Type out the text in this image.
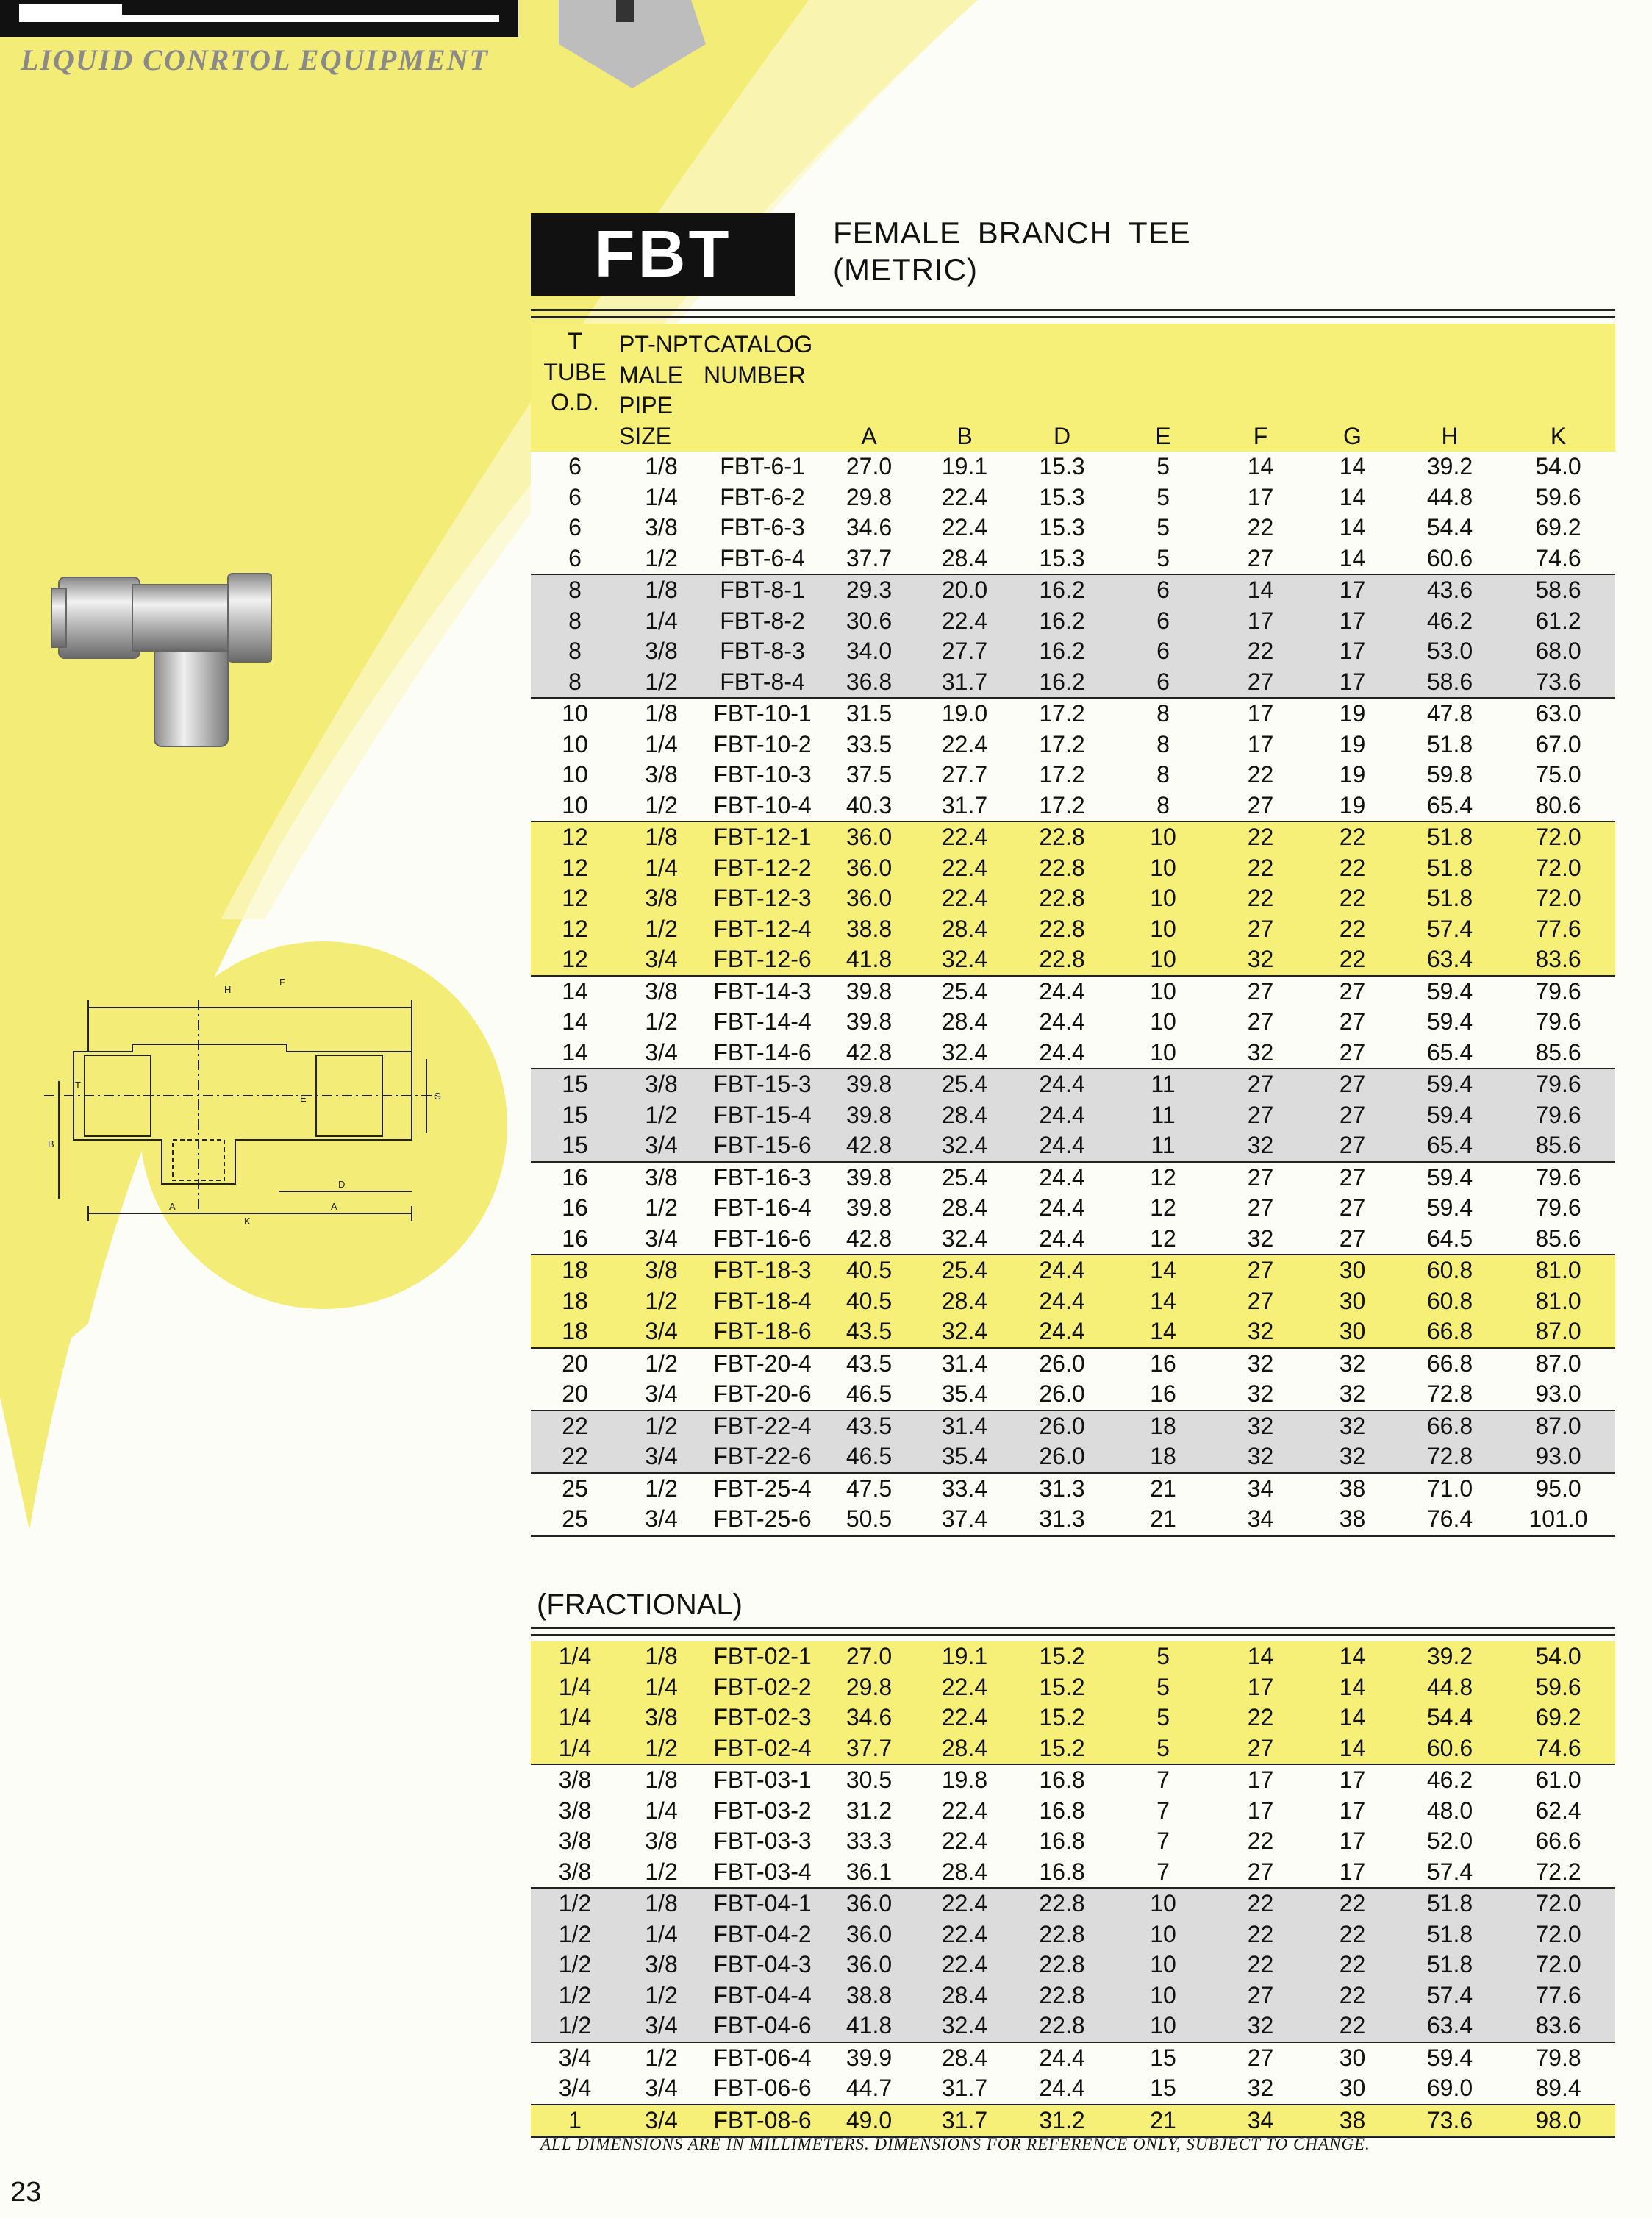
LIQUID CONRTOL EQUIPMENT
H
F
T
E	G
B
D
A
K
A
FBT	FEMALE BRANCH TEE
(METRIC)
T
TUBE
O.D.	PT-NPT
MALE
PIPE
SIZE	CATALOG
NUMBER	A	B	D	E	F	G	H	K
6	1/8	FBT-6-1	27.0	19.1	15.3	5	14	14	39.2	54.0
6	1/4	FBT-6-2	29.8	22.4	15.3	5	17	14	44.8	59.6
6	3/8	FBT-6-3	34.6	22.4	15.3	5	22	14	54.4	69.2
6	1/2	FBT-6-4	37.7	28.4	15.3	5	27	14	60.6	74.6
8	1/8	FBT-8-1	29.3	20.0	16.2	6	14	17	43.6	58.6
8	1/4	FBT-8-2	30.6	22.4	16.2	6	17	17	46.2	61.2
8	3/8	FBT-8-3	34.0	27.7	16.2	6	22	17	53.0	68.0
8	1/2	FBT-8-4	36.8	31.7	16.2	6	27	17	58.6	73.6
10	1/8	FBT-10-1	31.5	19.0	17.2	8	17	19	47.8	63.0
10	1/4	FBT-10-2	33.5	22.4	17.2	8	17	19	51.8	67.0
10	3/8	FBT-10-3	37.5	27.7	17.2	8	22	19	59.8	75.0
10	1/2	FBT-10-4	40.3	31.7	17.2	8	27	19	65.4	80.6
12	1/8	FBT-12-1	36.0	22.4	22.8	10	22	22	51.8	72.0
12	1/4	FBT-12-2	36.0	22.4	22.8	10	22	22	51.8	72.0
12	3/8	FBT-12-3	36.0	22.4	22.8	10	22	22	51.8	72.0
12	1/2	FBT-12-4	38.8	28.4	22.8	10	27	22	57.4	77.6
12	3/4	FBT-12-6	41.8	32.4	22.8	10	32	22	63.4	83.6
14	3/8	FBT-14-3	39.8	25.4	24.4	10	27	27	59.4	79.6
14	1/2	FBT-14-4	39.8	28.4	24.4	10	27	27	59.4	79.6
14	3/4	FBT-14-6	42.8	32.4	24.4	10	32	27	65.4	85.6
15	3/8	FBT-15-3	39.8	25.4	24.4	11	27	27	59.4	79.6
15	1/2	FBT-15-4	39.8	28.4	24.4	11	27	27	59.4	79.6
15	3/4	FBT-15-6	42.8	32.4	24.4	11	32	27	65.4	85.6
16	3/8	FBT-16-3	39.8	25.4	24.4	12	27	27	59.4	79.6
16	1/2	FBT-16-4	39.8	28.4	24.4	12	27	27	59.4	79.6
16	3/4	FBT-16-6	42.8	32.4	24.4	12	32	27	64.5	85.6
18	3/8	FBT-18-3	40.5	25.4	24.4	14	27	30	60.8	81.0
18	1/2	FBT-18-4	40.5	28.4	24.4	14	27	30	60.8	81.0
18	3/4	FBT-18-6	43.5	32.4	24.4	14	32	30	66.8	87.0
20	1/2	FBT-20-4	43.5	31.4	26.0	16	32	32	66.8	87.0
20	3/4	FBT-20-6	46.5	35.4	26.0	16	32	32	72.8	93.0
22	1/2	FBT-22-4	43.5	31.4	26.0	18	32	32	66.8	87.0
22	3/4	FBT-22-6	46.5	35.4	26.0	18	32	32	72.8	93.0
25	1/2	FBT-25-4	47.5	33.4	31.3	21	34	38	71.0	95.0
25	3/4	FBT-25-6	50.5	37.4	31.3	21	34	38	76.4	101.0
(FRACTIONAL)
1/4	1/8	FBT-02-1	27.0	19.1	15.2	5	14	14	39.2	54.0
1/4	1/4	FBT-02-2	29.8	22.4	15.2	5	17	14	44.8	59.6
1/4	3/8	FBT-02-3	34.6	22.4	15.2	5	22	14	54.4	69.2
1/4	1/2	FBT-02-4	37.7	28.4	15.2	5	27	14	60.6	74.6
3/8	1/8	FBT-03-1	30.5	19.8	16.8	7	17	17	46.2	61.0
3/8	1/4	FBT-03-2	31.2	22.4	16.8	7	17	17	48.0	62.4
3/8	3/8	FBT-03-3	33.3	22.4	16.8	7	22	17	52.0	66.6
3/8	1/2	FBT-03-4	36.1	28.4	16.8	7	27	17	57.4	72.2
1/2	1/8	FBT-04-1	36.0	22.4	22.8	10	22	22	51.8	72.0
1/2	1/4	FBT-04-2	36.0	22.4	22.8	10	22	22	51.8	72.0
1/2	3/8	FBT-04-3	36.0	22.4	22.8	10	22	22	51.8	72.0
1/2	1/2	FBT-04-4	38.8	28.4	22.8	10	27	22	57.4	77.6
1/2	3/4	FBT-04-6	41.8	32.4	22.8	10	32	22	63.4	83.6
3/4	1/2	FBT-06-4	39.9	28.4	24.4	15	27	30	59.4	79.8
3/4	3/4	FBT-06-6	44.7	31.7	24.4	15	32	30	69.0	89.4
1	3/4	FBT-08-6	49.0	31.7	31.2	21	34	38	73.6	98.0
ALL DIMENSIONS ARE IN MILLIMETERS. DIMENSIONS FOR REFERENCE ONLY, SUBJECT TO CHANGE.
23
